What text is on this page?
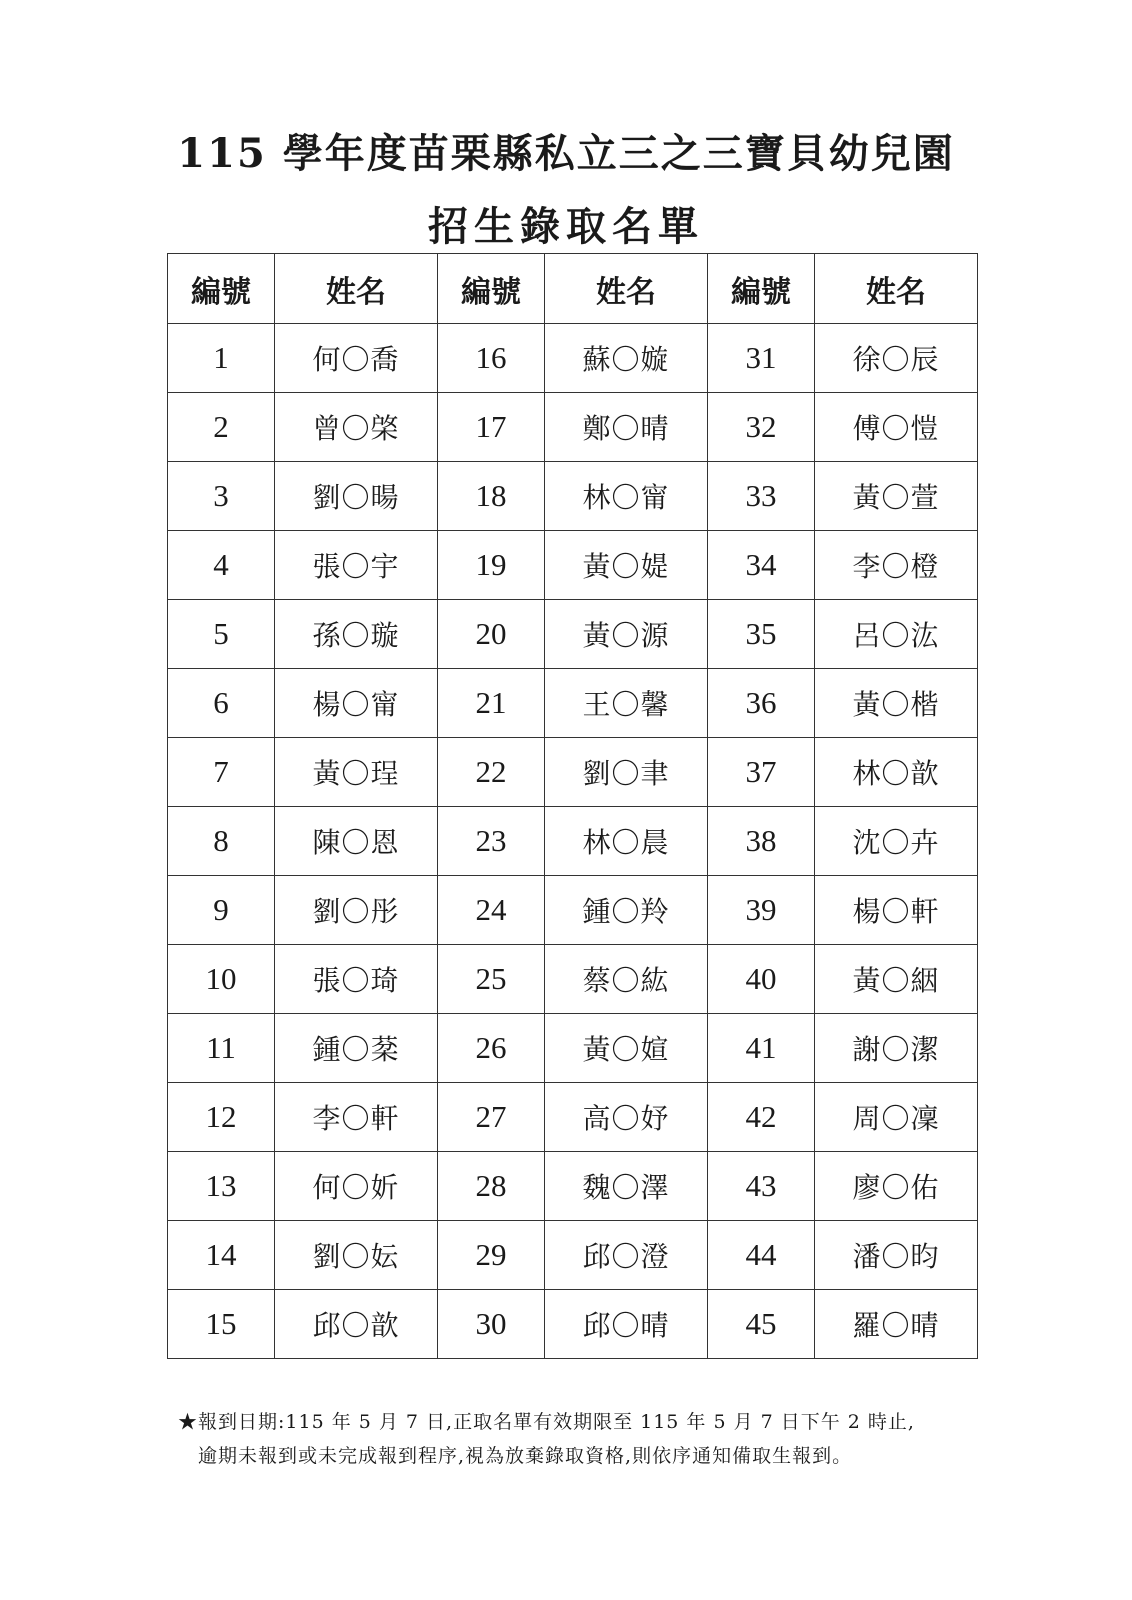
115 學年度苗栗縣私立三之三寶貝幼兒園
招生錄取名單
編號	姓名	編號	姓名	編號	姓名
1	何〇喬	16	蘇〇嫙	31	徐〇辰
2	曾〇棨	17	鄭〇晴	32	傅〇愷
3	劉〇暘	18	林〇甯	33	黃〇萱
4	張〇宇	19	黃〇媞	34	李〇橙
5	孫〇璇	20	黃〇源	35	呂〇汯
6	楊〇甯	21	王〇馨	36	黃〇楷
7	黃〇珵	22	劉〇聿	37	林〇歆
8	陳〇恩	23	林〇晨	38	沈〇卉
9	劉〇彤	24	鍾〇羚	39	楊〇軒
10	張〇琦	25	蔡〇紘	40	黃〇絪
11	鍾〇棻	26	黃〇媗	41	謝〇潔
12	李〇軒	27	高〇妤	42	周〇凜
13	何〇妡	28	魏〇澤	43	廖〇佑
14	劉〇妘	29	邱〇澄	44	潘〇昀
15	邱〇歆	30	邱〇晴	45	羅〇晴
★報到日期:115 年 5 月 7 日,正取名單有效期限至 115 年 5 月 7 日下午 2 時止,
逾期未報到或未完成報到程序,視為放棄錄取資格,則依序通知備取生報到。
